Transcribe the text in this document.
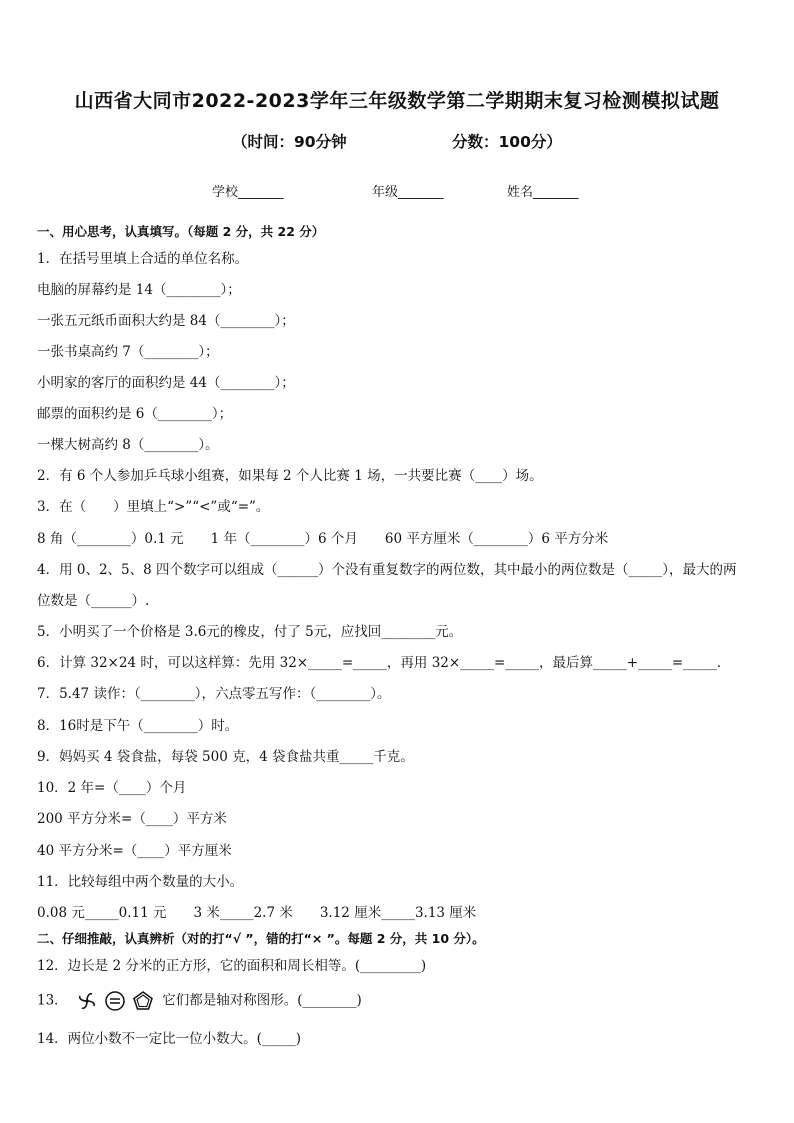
山西省大同市2022-2023学年三年级数学第二学期期末复习检测模拟试题
（时间：90分钟	分数：100分）
学校_______	年级_______	姓名_______
一、用心思考，认真填写。（每题 2 分，共 22 分）
1．在括号里填上合适的单位名称。
电脑的屏幕约是 14（________）；
一张五元纸币面积大约是 84（________）；
一张书桌高约 7（________）；
小明家的客厅的面积约是 44（________）；
邮票的面积约是 6（________）；
一棵大树高约 8（________）。
2．有 6 个人参加乒乓球小组赛，如果每 2 个人比赛 1 场，一共要比赛（____）场。
3．在（　　）里填上“>”“<”或“=”。
8 角（________）0.1 元　　1 年（________）6 个月　　60 平方厘米（________）6 平方分米
4．用 0、2、5、8 四个数字可以组成（______）个没有重复数字的两位数，其中最小的两位数是（_____），最大的两
位数是（______）.
5．小明买了一个价格是 3.6元的橡皮，付了 5元，应找回________元。
6．计算 32×24 时，可以这样算：先用 32×_____=_____，再用 32×_____=_____，最后算_____+_____=_____．
7．5.47 读作：（________），六点零五写作：（________）。
8．16时是下午（________）时。
9．妈妈买 4 袋食盐，每袋 500 克，4 袋食盐共重_____千克。
10．2 年=（____）个月
200 平方分米=（____）平方米
40 平方分米=（____）平方厘米
11．比较每组中两个数量的大小。
0.08 元_____0.11 元　　3 米_____2.7 米　　3.12 厘米_____3.13 厘米
二、仔细推敲，认真辨析（对的打“√ ”，错的打“× ”。每题 2 分，共 10 分）。
12．边长是 2 分米的正方形，它的面积和周长相等。(_________)
13．	它们都是轴对称图形。(________)
14．两位小数不一定比一位小数大。(_____)
